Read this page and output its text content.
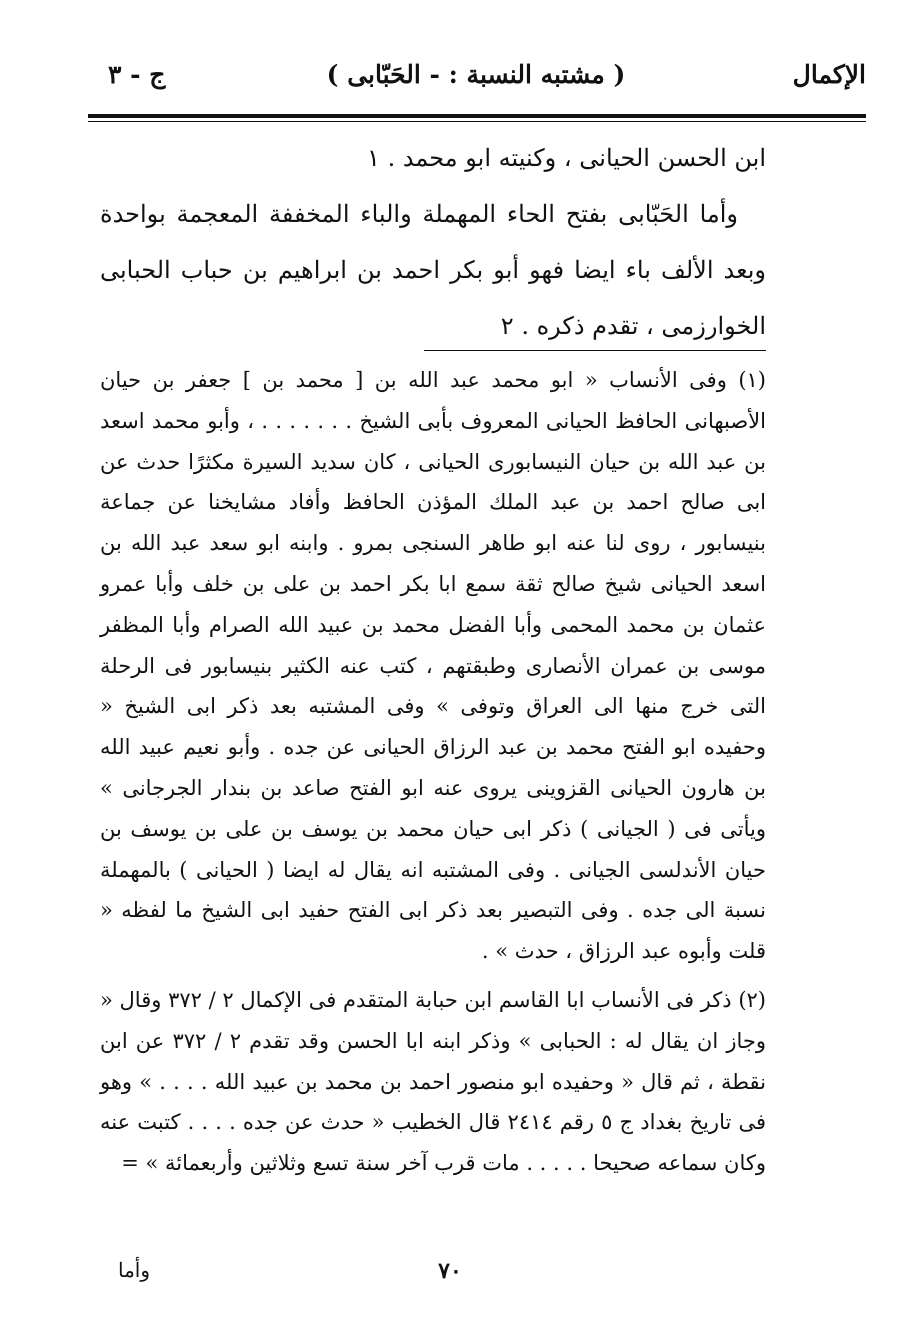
الإكمال
( مشتبه النسبة : - الحَبّابى )
ج - ٣

ابن الحسن الحيانى ، وكنيته ابو محمد . ١

وأما الحَبّابى بفتح الحاء المهملة والباء المخففة المعجمة بواحدة وبعد الألف باء ايضا فهو أبو بكر احمد بن ابراهيم بن حباب الحبابى الخوارزمى ، تقدم ذكره . ٢

(١) وفى الأنساب « ابو محمد عبد الله بن [ محمد بن ] جعفر بن حيان الأصبهانى الحافظ الحيانى المعروف بأبى الشيخ . . . . . . . ، وأبو محمد اسعد بن عبد الله بن حيان النيسابورى الحيانى ، كان سديد السيرة مكثرًا حدث عن ابى صالح احمد بن عبد الملك المؤذن الحافظ وأفاد مشايخنا عن جماعة بنيسابور ، روى لنا عنه ابو طاهر السنجى بمرو . وابنه ابو سعد عبد الله بن اسعد الحيانى شيخ صالح ثقة سمع ابا بكر احمد بن على بن خلف وأبا عمرو عثمان بن محمد المحمى وأبا الفضل محمد بن عبيد الله الصرام وأبا المظفر موسى بن عمران الأنصارى وطبقتهم ، كتب عنه الكثير بنيسابور فى الرحلة التى خرج منها الى العراق وتوفى » وفى المشتبه بعد ذكر ابى الشيخ « وحفيده ابو الفتح محمد بن عبد الرزاق الحيانى عن جده . وأبو نعيم عبيد الله بن هارون الحيانى القزوينى يروى عنه ابو الفتح صاعد بن بندار الجرجانى » ويأتى فى ( الجيانى ) ذكر ابى حيان محمد بن يوسف بن على بن يوسف بن حيان الأندلسى الجيانى . وفى المشتبه انه يقال له ايضا ( الحيانى ) بالمهملة نسبة الى جده . وفى التبصير بعد ذكر ابى الفتح حفيد ابى الشيخ ما لفظه « قلت وأبوه عبد الرزاق ، حدث » .

(٢) ذكر فى الأنساب ابا القاسم ابن حبابة المتقدم فى الإكمال ٢ / ٣٧٢ وقال « وجاز ان يقال له : الحبابى » وذكر ابنه ابا الحسن وقد تقدم ٢ / ٣٧٢ عن ابن نقطة ، ثم قال « وحفيده ابو منصور احمد بن محمد بن عبيد الله . . . . » وهو فى تاريخ بغداد ج ٥ رقم ٢٤١٤ قال الخطيب « حدث عن جده . . . . كتبت عنه وكان سماعه صحيحا . . . . . مات قرب آخر سنة تسع وثلاثين وأربعمائة » =

٧٠
وأما
